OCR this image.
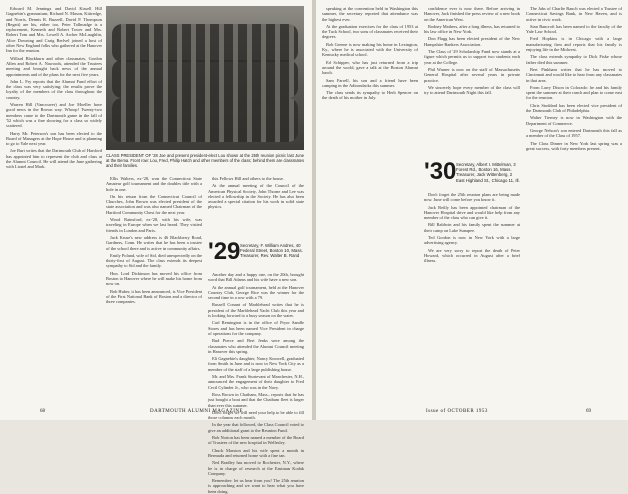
Edward M. Jennings and David Kissell Hill Gagnebin's gymnasium; Richard N. Mason, Kittredge, and Norris, Dennis R. Buzzell, David P. Thompson (Regatt) are his, either too, Peter Tallmadge is a replacement, Kenneth and Robert Tower and Mrs. Robert Tom and Mrs. Lowell A. Archer McLaughlin, Alice Downing and Craig Berlvel joined a host of other New England folks who gathered at the Hanover Inn for the reunion.

Willard Blackburn and other classmates, Gordon Allen and Robert A. Nawoods, attended the Trustees meeting and brought back news of the annual appointments and of the plans for the next five years.

John L. Fry reports that the Alumni Fund effort of the class was very satisfying; the results prove the loyalty of the members of the class throughout the country.

Warren Hill (Vancouver) and Joe Moeller have good news in the Brown way. Whoop! Twenty-two members came to the Dartmouth game in the fall of '52 which was a fine showing for a class so widely scattered.

Harry Mr. Peterson's son has been elected to the Board of Managers at the Hope House and is planning to go to Yale next year.

Joe Burt writes that the Dartmouth Club of Hartford has appointed him to represent the club and class at the Alumni Council. He will attend the June gathering with Lionel and Mark.

CLASS PRESIDENT OF '28 Joe and present president-elect Lou shown at the 25th reunion picnic last June at the Bema. Front row: Lou, Fred, Philip Hatch and other members of the class; behind them are classmates and their families.

Ellis Walters, ex-'28, won the Connecticut State Amateur golf tournament and the doubles title with a hole in one.

On his return from the Connecticut Council of Churches, John Brown was elected president of the state association and was also named Chairman of the Hartford Community Chest for the next year.

Wood Rainsford, ex-'28, with his wife, was traveling in Europe when we last heard. They visited friends in London and Paris.

Jack Kruse's new address is 46 Blackberry Road, Gardners, Conn. He writes that he has been a trustee of the school there and is active in community affairs.

Emily Poland, wife of Sid, died unexpectedly on the thirty-first of August. The class extends its deepest sympathy to Sid and the family.

Hon. Lord Dickinson has moved his office from Boston to Hanover where he will make his home from now on.

Bob Huber, it has been announced, is Vice President of the First National Bank of Boston and a director of three companies.

this Fellows Hill and others to the house.

At the annual meeting of the Council of the American Physical Society, John Thorne and Lee was elected a fellowship in the Society. He has also been awarded a special citation for his work in solid state physics.

'29 Secretary, F. William Andres, 40 Federal Street, Boston 10, Mass. Treasurer, Rev. Walter B. Rand

Another day and a happy one, on the 20th, brought word that Bill Adams and his wife have a new son.

At the annual golf tournament, held at the Hanover Country Club, George Rice was the winner for the second time in a row with a 79.

Russell Conant of Marblehead writes that he is president of the Marblehead Yacht Club this year and is looking forward to a busy season on the water.

Carl Remington is in the office of Pryor Sandle Stores and has been named Vice President in charge of operations for the company.

Bud Pierce and Bert Jenks were among the classmates who attended the Alumni Council meeting in Hanover this spring.

Eli Gagnebin's daughter, Nancy Knowell, graduated from Smith in June and is now in New York City as a member of the staff of a large publishing house.

Mr. and Mrs. Frank Sturtevant of Manchester, N.H., announced the engagement of their daughter to Fred Cecil Cylinder Jr., who was in the Navy.

Ross Brown in Chatham, Mass., reports that he has just bought a boat and that the Chatham fleet is larger than ever this summer.

Don't forget we will need your help to be able to fill those columns each month.

In the year that followed, the Class Council voted to give an additional grant to the Reunion Fund.

Bob Norton has been named a member of the Board of Trustees of the new hospital in Wellesley.

Chuck Marston and his wife spent a month in Bermuda and returned home with a fine tan.

Ned Bradley has moved to Rochester, N.Y., where he is in charge of research at the Eastman Kodak Company.

Remember: let us hear from you! The 25th reunion is approaching and we want to hear what you have been doing.

68	DARTMOUTH ALUMNI MAGAZINE

speaking at the convention held in Washington this summer, the secretary reported that attendance was the highest ever.

At the graduation exercises for the class of 1953 at the Tuck School, two sons of classmates received their degrees.

Bob Greene is now making his home in Lexington, Ky., where he is associated with the University of Kentucky medical school.

Ed Schipper, who has just returned from a trip around the world, gave a talk at the Boston Alumni lunch.

Sam Farrell, his son and a friend have been camping in the Adirondacks this summer.

The class sends its sympathy to Herb Spencer on the death of his mother in July.

confidence ever is now there. Before arriving in Hanover, Jack finished the press review of a new book on the American West.

Rodney Mathers, after a long illness, has returned to his law office in New York.

Don Flagg has been elected president of the New Hampshire Bankers Association.

The Class of '29 Scholarship Fund now stands at a figure which permits us to support two students each year at the College.

Phil Warner is now on the staff of Massachusetts General Hospital after several years in private practice.

We sincerely hope every member of the class will try to attend Dartmouth Night this fall.

'30 Secretary, Albert I. Mittelman, 3 Forest Rd., Boston 16, Mass. Treasurer, Jack Wittenberg, 2 East Highland St., Chicago 11, Ill.

Don't forget the 25th reunion plans are being made now. June will come before you know it.

Jack Reilly has been appointed chairman of the Hanover Hospital drive and would like help from any member of the class who can give it.

Bill Baldwin and his family spent the summer at their camp on Lake Sunapee.

Ted Gordon is now in New York with a large advertising agency.

We are very sorry to report the death of Peter Howard, which occurred in August after a brief illness.

The Jabs of Charlie Rauch was elected a Trustee of Connecticut Savings Bank, in New Haven, and is active in civic work.

Stan Bancroft has been named to the faculty of the Yale Law School.

Fred Hopkins is in Chicago with a large manufacturing firm and reports that his family is enjoying life in the Midwest.

The class extends sympathy to Dick Fiske whose father died this summer.

Bert Pinkham writes that he has moved to Cincinnati and would like to hear from any classmates in that area.

From Larry Dixon in Colorado: he and his family spent the summer at their ranch and plan to come east for the reunion.

Chris Stoddard has been elected vice president of the Dartmouth Club of Philadelphia.

Walter Tierney is now in Washington with the Department of Commerce.

George Nelson's son entered Dartmouth this fall as a member of the Class of 1957.

The Class Dinner in New York last spring was a great success, with forty members present.

Issue of OCTOBER 1953	69
